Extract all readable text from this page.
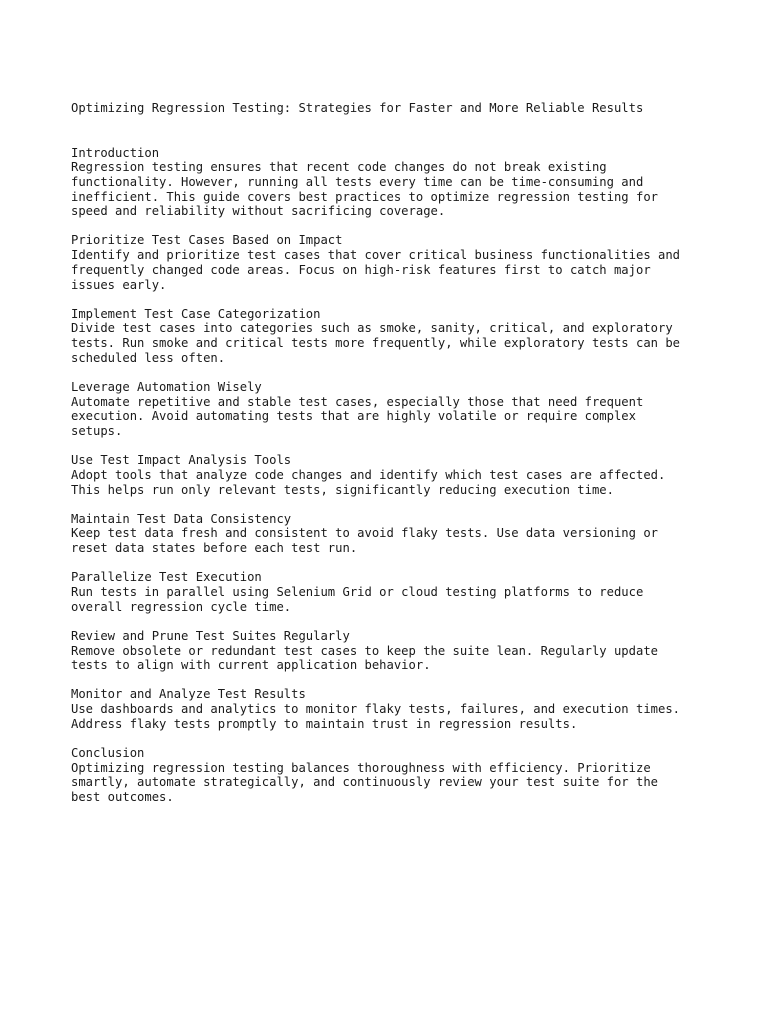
Optimizing Regression Testing: Strategies for Faster and More Reliable Results

Introduction
Regression testing ensures that recent code changes do not break existing
functionality. However, running all tests every time can be time-consuming and
inefficient. This guide covers best practices to optimize regression testing for
speed and reliability without sacrificing coverage.
Prioritize Test Cases Based on Impact
Identify and prioritize test cases that cover critical business functionalities and
frequently changed code areas. Focus on high-risk features first to catch major
issues early.
Implement Test Case Categorization
Divide test cases into categories such as smoke, sanity, critical, and exploratory
tests. Run smoke and critical tests more frequently, while exploratory tests can be
scheduled less often.
Leverage Automation Wisely
Automate repetitive and stable test cases, especially those that need frequent
execution. Avoid automating tests that are highly volatile or require complex
setups.
Use Test Impact Analysis Tools
Adopt tools that analyze code changes and identify which test cases are affected.
This helps run only relevant tests, significantly reducing execution time.
Maintain Test Data Consistency
Keep test data fresh and consistent to avoid flaky tests. Use data versioning or
reset data states before each test run.
Parallelize Test Execution
Run tests in parallel using Selenium Grid or cloud testing platforms to reduce
overall regression cycle time.
Review and Prune Test Suites Regularly
Remove obsolete or redundant test cases to keep the suite lean. Regularly update
tests to align with current application behavior.
Monitor and Analyze Test Results
Use dashboards and analytics to monitor flaky tests, failures, and execution times.
Address flaky tests promptly to maintain trust in regression results.
Conclusion
Optimizing regression testing balances thoroughness with efficiency. Prioritize
smartly, automate strategically, and continuously review your test suite for the
best outcomes.
